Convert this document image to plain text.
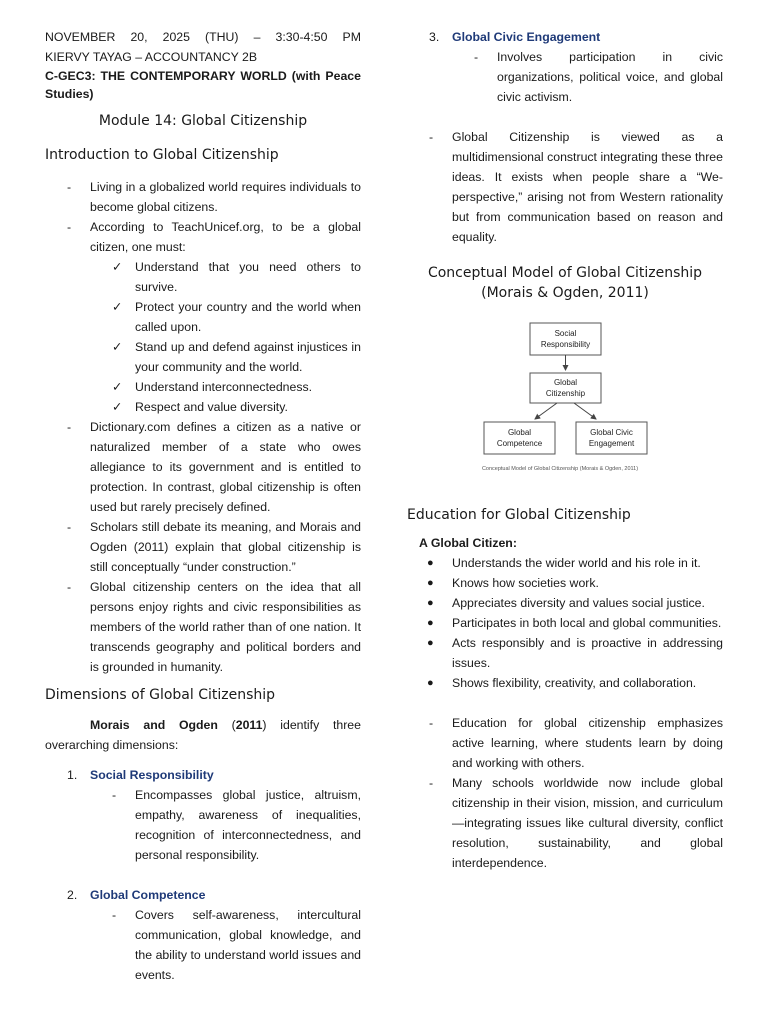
NOVEMBER 20, 2025 (THU) – 3:30-4:50 PM

KIERVY TAYAG – ACCOUNTANCY 2B

C-GEC3: THE CONTEMPORARY WORLD (with Peace Studies)

Module 14: Global Citizenship
Introduction to Global Citizenship
- Living in a globalized world requires individuals to become global citizens.

- According to TeachUnicef.org, to be a global citizen, one must:

✓ Understand that you need others to survive.

✓ Protect your country and the world when called upon.

✓ Stand up and defend against injustices in your community and the world.

✓ Understand interconnectedness.

✓ Respect and value diversity.

- Dictionary.com defines a citizen as a native or naturalized member of a state who owes allegiance to its government and is entitled to protection. In contrast, global citizenship is often used but rarely precisely defined.

- Scholars still debate its meaning, and Morais and Ogden (2011) explain that global citizenship is still conceptually “under construction.”

- Global citizenship centers on the idea that all persons enjoy rights and civic responsibilities as members of the world rather than of one nation. It transcends geography and political borders and is grounded in humanity.

Dimensions of Global Citizenship

Morais and Ogden (2011) identify three overarching dimensions:

1. Social Responsibility
- Encompasses global justice, altruism, empathy, awareness of inequalities, recognition of interconnectedness, and personal responsibility.

2. Global Competence
- Covers self-awareness, intercultural communication, global knowledge, and the ability to understand world issues and events.

3. Global Civic Engagement
- Involves participation in civic organizations, political voice, and global civic activism.

- Global Citizenship is viewed as a multidimensional construct integrating these three ideas. It exists when people share a “We-perspective,” arising not from Western rationality but from communication based on reason and equality.

Conceptual Model of Global Citizenship
(Morais & Ogden, 2011)
Social
Responsibility
Global
Citizenship
Global
Competence
Global Civic
Engagement
Conceptual Model of Global Citizenship (Morais & Ogden, 2011)
Education for Global Citizenship

A Global Citizen:

● Understands the wider world and his role in it.

● Knows how societies work.

● Appreciates diversity and values social justice.

● Participates in both local and global communities.

● Acts responsibly and is proactive in addressing issues.

● Shows flexibility, creativity, and collaboration.

- Education for global citizenship emphasizes active learning, where students learn by doing and working with others.

- Many schools worldwide now include global citizenship in their vision, mission, and curriculum—integrating issues like cultural diversity, conflict resolution, sustainability, and global interdependence.
